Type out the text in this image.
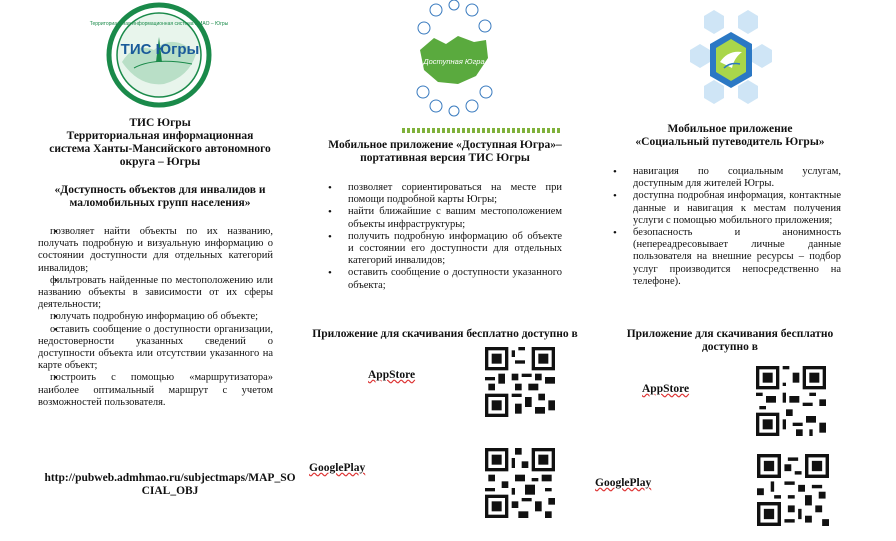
ТИС Югры
Территориальная информационная система ХМАО – Югры
ТИС Югры
Территориальная информационная
система Ханты-Мансийского автономного
округа – Югры
«Доступность объектов для инвалидов и
маломобильных групп населения»
• позволяет найти объекты по их названию, получать подробную и визуальную информацию о состоянии доступности для отдельных категорий инвалидов;
• фильтровать найденные по местоположению или названию объекты в зависимости от их сферы деятельности;
• получать подробную информацию об объекте;
• оставить сообщение о доступности организации, недостоверности указанных сведений о доступности объекта или отсутствии указанного на карте объект;
• построить с помощью «маршрутизатора» наиболее оптимальный маршрут с учетом возможностей пользователя.
http://pubweb.admhmao.ru/subjectmaps/MAP_SO
CIAL_OBJ
Доступная Югра
Мобильное приложение «Доступная Югра»–
портативная версия ТИС Югры
• позволяет сориентироваться на месте при помощи подробной карты Югры;
• найти ближайшие с вашим местоположением объекты инфраструктуры;
• получить подробную информацию об объекте и состоянии его доступности для отдельных категорий инвалидов;
• оставить сообщение о доступности указанного объекта;
Приложение для скачивания бесплатно доступно в
AppStore
GooglePlay
Мобильное приложение
«Социальный путеводитель Югры»
• навигация по социальным услугам, доступным для жителей Югры.
• доступна подробная информация, контактные данные и навигация к местам получения услуги с помощью мобильного приложения;
• безопасность и анонимность (непереадресовывает личные данные пользователя на внешние ресурсы – подбор услуг производится непосредственно на телефоне).
Приложение для скачивания бесплатно
доступно в
AppStore
GooglePlay
